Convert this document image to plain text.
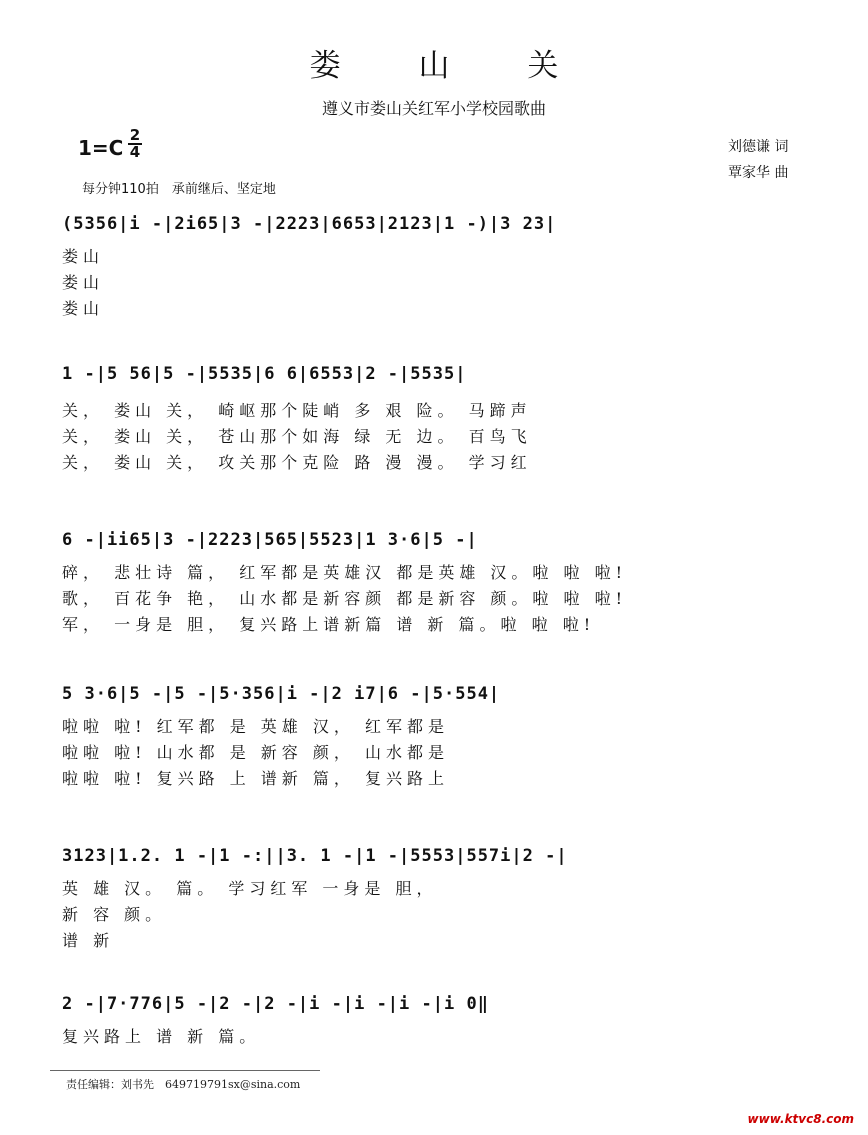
娄 山 关
遵义市娄山关红军小学校园歌曲
1=C
2
4
每分钟110拍　承前继后、坚定地
刘德谦 词
覃家华 曲
(5356|i -|2i65|3 -|2223|6653|2123|1 -)|3 23|
娄山
娄山
娄山
1 -|5 56|5 -|5535|6 6|6553|2 -|5535|
关， 娄山 关， 崎岖那个陡峭 多 艰 险。 马蹄声
关， 娄山 关， 苍山那个如海 绿 无 边。 百鸟飞
关， 娄山 关， 攻关那个克险 路 漫 漫。 学习红
6 -|ii65|3 -|2223|565|5523|1 3·6|5 -|
碎， 悲壮诗 篇， 红军都是英雄汉 都是英雄 汉。啦 啦 啦!
歌， 百花争 艳， 山水都是新容颜 都是新容 颜。啦 啦 啦!
军， 一身是 胆， 复兴路上谱新篇 谱 新 篇。啦 啦 啦!
5 3·6|5 -|5 -|5·356|i -|2 i7|6 -|5·554|
啦啦 啦! 红军都 是 英雄 汉， 红军都是
啦啦 啦! 山水都 是 新容 颜， 山水都是
啦啦 啦! 复兴路 上 谱新 篇， 复兴路上
3123|1.2. 1 -|1 -:||3. 1 -|1 -|5553|557i|2 -|
英 雄 汉。 篇。 学习红军 一身是 胆，
新 容 颜。
谱 新
2 -|7·776|5 -|2 -|2 -|i -|i -|i -|i 0‖
复兴路上 谱 新 篇。
责任编辑：刘书先　649719791sx@sina.com
www.ktvc8.com
